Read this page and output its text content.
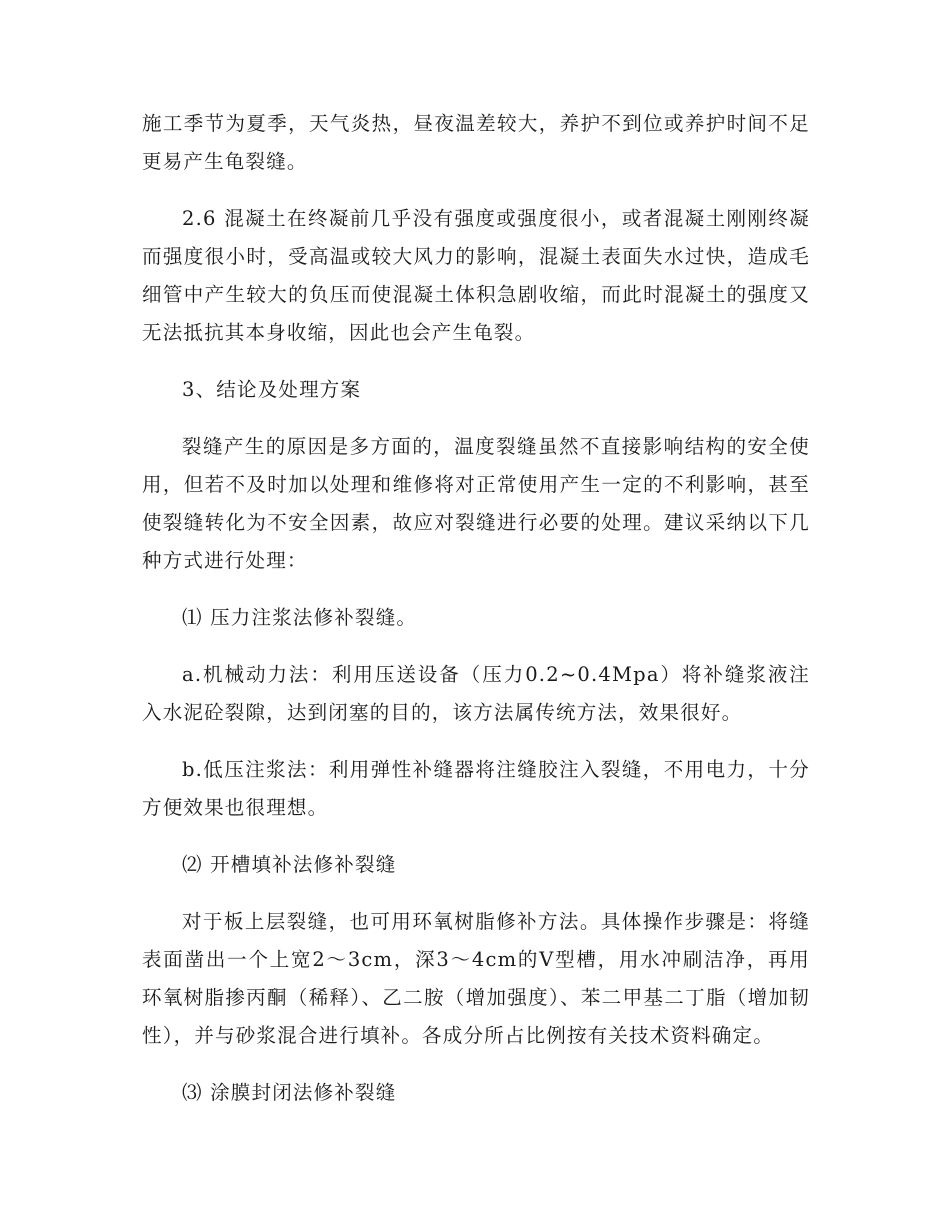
施工季节为夏季，天气炎热，昼夜温差较大，养护不到位或养护时间不足更易产生龟裂缝。

2.6 混凝土在终凝前几乎没有强度或强度很小，或者混凝土刚刚终凝而强度很小时，受高温或较大风力的影响，混凝土表面失水过快，造成毛细管中产生较大的负压而使混凝土体积急剧收缩，而此时混凝土的强度又无法抵抗其本身收缩，因此也会产生龟裂。

3、结论及处理方案

裂缝产生的原因是多方面的，温度裂缝虽然不直接影响结构的安全使用，但若不及时加以处理和维修将对正常使用产生一定的不利影响，甚至使裂缝转化为不安全因素，故应对裂缝进行必要的处理。建议采纳以下几种方式进行处理：

⑴ 压力注浆法修补裂缝。

a.机械动力法：利用压送设备（压力0.2~0.4Mpa）将补缝浆液注入水泥砼裂隙，达到闭塞的目的，该方法属传统方法，效果很好。

b.低压注浆法：利用弹性补缝器将注缝胶注入裂缝，不用电力，十分方便效果也很理想。

⑵ 开槽填补法修补裂缝

对于板上层裂缝，也可用环氧树脂修补方法。具体操作步骤是：将缝表面凿出一个上宽2～3cm，深3～4cm的V型槽，用水冲刷洁净，再用环氧树脂掺丙酮（稀释）、乙二胺（增加强度）、苯二甲基二丁脂（增加韧性），并与砂浆混合进行填补。各成分所占比例按有关技术资料确定。

⑶ 涂膜封闭法修补裂缝
